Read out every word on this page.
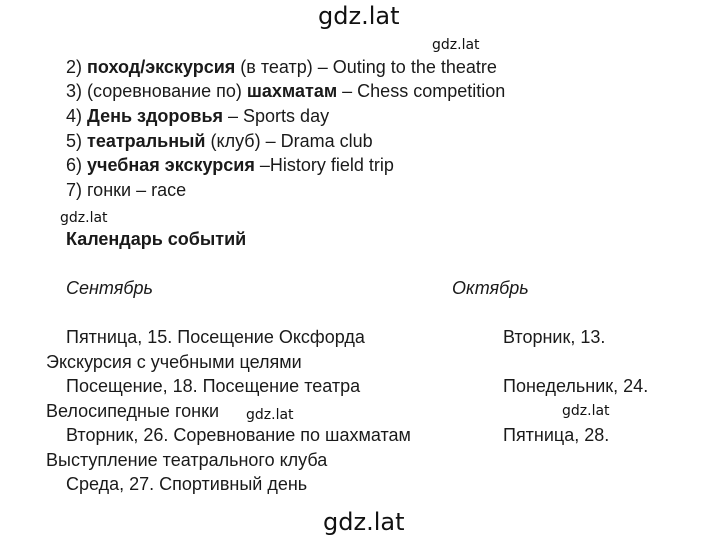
gdz.lat
gdz.lat
gdz.lat
gdz.lat	gdz.lat
gdz.lat
2) поход/экскурсия (в театр) – Outing to the theatre
3) (соревнование по) шахматам – Chess competition
4) День здоровья – Sports day
5) театральный (клуб) – Drama club
6) учебная экскурсия –History field trip
7) гонки – race
Календарь событий
Сентябрь	Октябрь
Пятница, 15. Посещение Оксфорда
Экскурсия с учебными целями
Посещение, 18. Посещение театра
Велосипедные гонки
Вторник, 26. Соревнование по шахматам
Выступление театрального клуба
Среда, 27. Спортивный день
Вторник, 13.
Понедельник, 24.
Пятница, 28.
